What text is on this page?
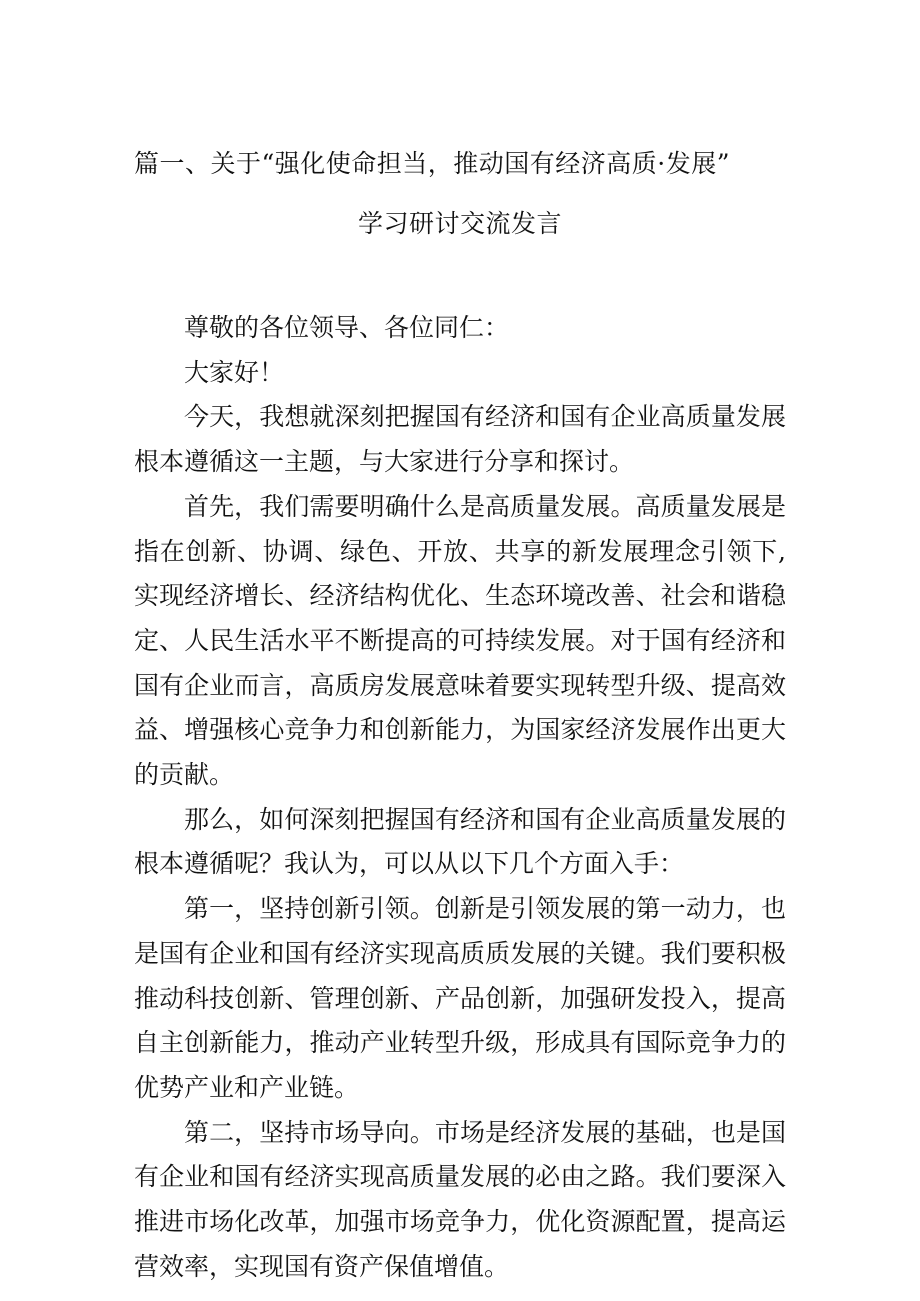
篇一、关于“强化使命担当，推动国有经济高质·发展”
学习研讨交流发言

尊敬的各位领导、各位同仁：

大家好！

今天，我想就深刻把握国有经济和国有企业高质量发展根本遵循这一主题，与大家进行分享和探讨。

首先，我们需要明确什么是高质量发展。高质量发展是指在创新、协调、绿色、开放、共享的新发展理念引领下,实现经济增长、经济结构优化、生态环境改善、社会和谐稳定、人民生活水平不断提高的可持续发展。对于国有经济和国有企业而言，高质房发展意味着要实现转型升级、提高效益、增强核心竞争力和创新能力，为国家经济发展作出更大的贡献。

那么，如何深刻把握国有经济和国有企业高质量发展的根本遵循呢？我认为，可以从以下几个方面入手：

第一，坚持创新引领。创新是引领发展的第一动力，也是国有企业和国有经济实现高质质发展的关键。我们要积极推动科技创新、管理创新、产品创新，加强研发投入，提高自主创新能力，推动产业转型升级，形成具有国际竞争力的优势产业和产业链。

第二，坚持市场导向。市场是经济发展的基础，也是国有企业和国有经济实现高质量发展的必由之路。我们要深入推进市场化改革，加强市场竞争力，优化资源配置，提高运营效率，实现国有资产保值增值。
